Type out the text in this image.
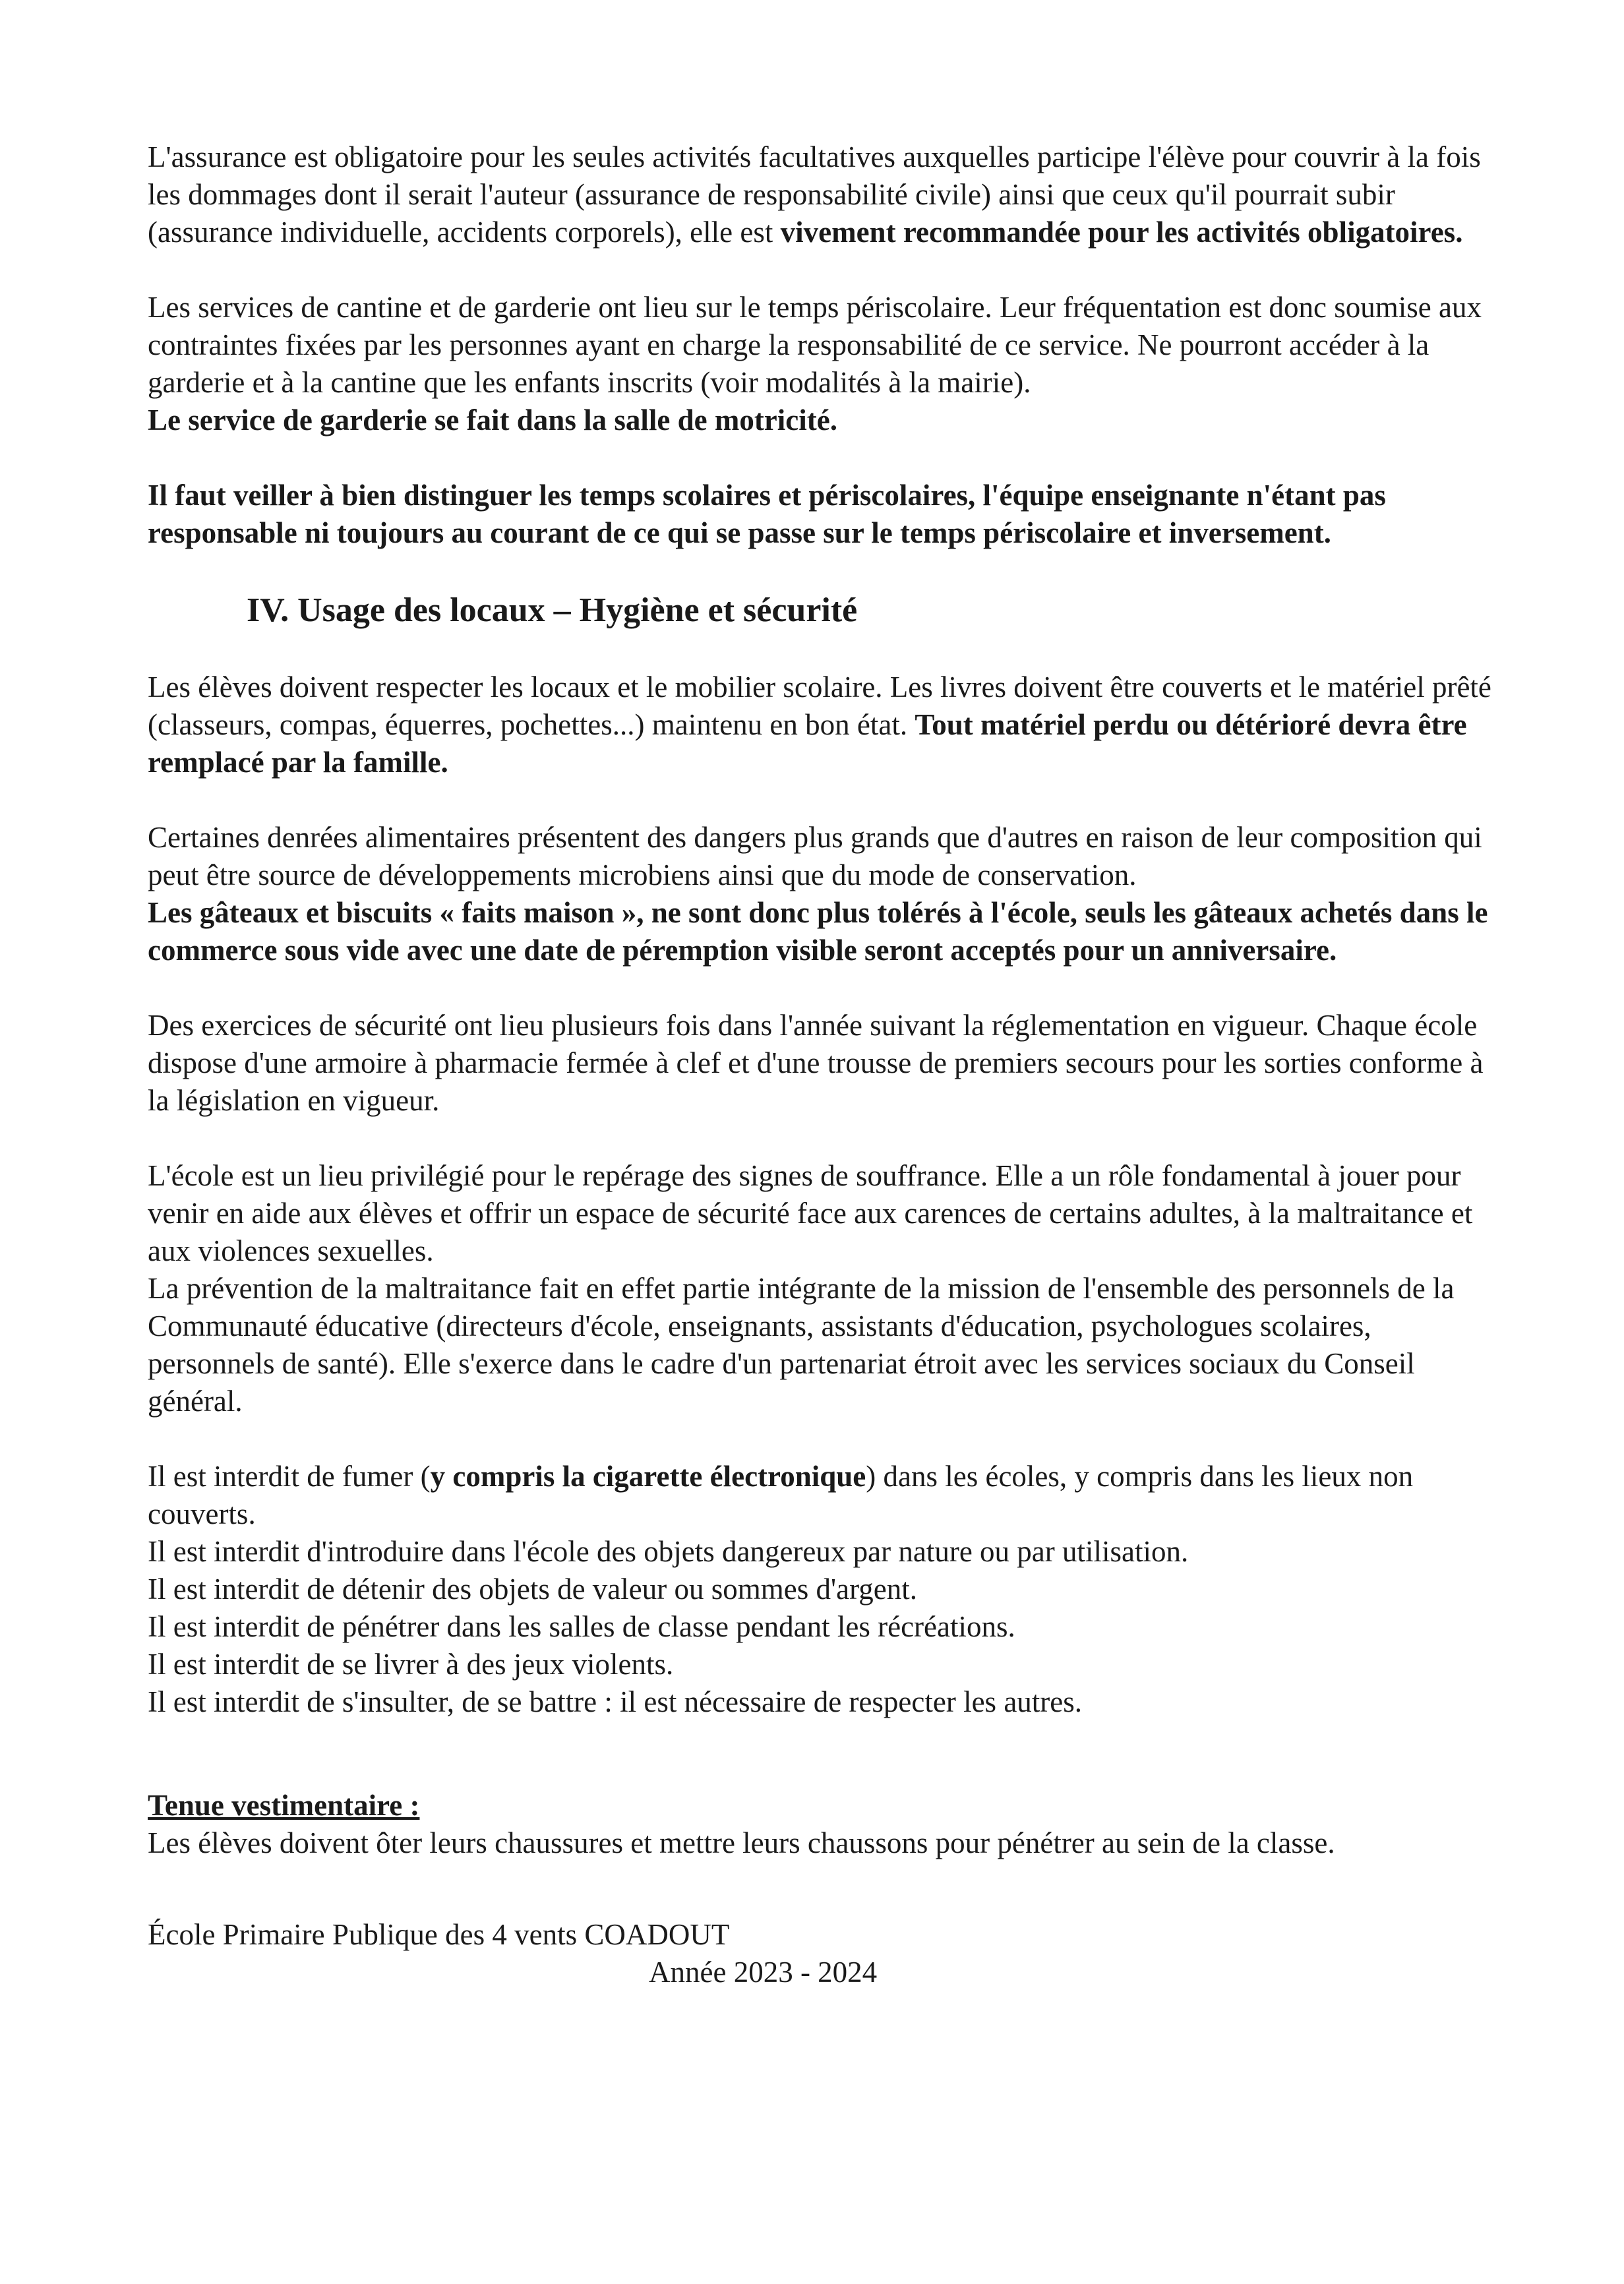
L'assurance est obligatoire pour les seules activités facultatives auxquelles participe l'élève pour couvrir à la fois les dommages dont il serait l'auteur (assurance de responsabilité civile) ainsi que ceux qu'il pourrait subir (assurance individuelle, accidents corporels), elle est vivement recommandée pour les activités obligatoires.

Les services de cantine et de garderie ont lieu sur le temps périscolaire. Leur fréquentation est donc soumise aux contraintes fixées par les personnes ayant en charge la responsabilité de ce service. Ne pourront accéder à la garderie et à la cantine que les enfants inscrits (voir modalités à la mairie).
Le service de garderie se fait dans la salle de motricité.

Il faut veiller à bien distinguer les temps scolaires et périscolaires, l'équipe enseignante n'étant pas responsable ni toujours au courant de ce qui se passe sur le temps périscolaire et inversement.

IV. Usage des locaux – Hygiène et sécurité

Les élèves doivent respecter les locaux et le mobilier scolaire. Les livres doivent être couverts et le matériel prêté (classeurs, compas, équerres, pochettes...) maintenu en bon état. Tout matériel perdu ou détérioré devra être remplacé par la famille.

Certaines denrées alimentaires présentent des dangers plus grands que d'autres en raison de leur composition qui peut être source de développements microbiens ainsi que du mode de conservation.
Les gâteaux et biscuits « faits maison », ne sont donc plus tolérés à l'école, seuls les gâteaux achetés dans le commerce sous vide avec une date de péremption visible seront acceptés pour un anniversaire.

Des exercices de sécurité ont lieu plusieurs fois dans l'année suivant la réglementation en vigueur. Chaque école dispose d'une armoire à pharmacie fermée à clef et d'une trousse de premiers secours pour les sorties conforme à la législation en vigueur.

L'école est un lieu privilégié pour le repérage des signes de souffrance. Elle a un rôle fondamental à jouer pour venir en aide aux élèves et offrir un espace de sécurité face aux carences de certains adultes, à la maltraitance et aux violences sexuelles.
La prévention de la maltraitance fait en effet partie intégrante de la mission de l'ensemble des personnels de la Communauté éducative (directeurs d'école, enseignants, assistants d'éducation, psychologues scolaires, personnels de santé). Elle s'exerce dans le cadre d'un partenariat étroit avec les services sociaux du Conseil général.

Il est interdit de fumer (y compris la cigarette électronique) dans les écoles, y compris dans les lieux non couverts.
Il est interdit d'introduire dans l'école des objets dangereux par nature ou par utilisation.
Il est interdit de détenir des objets de valeur ou sommes d'argent.
Il est interdit de pénétrer dans les salles de classe pendant les récréations.
Il est interdit de se livrer à des jeux violents.
Il est interdit de s'insulter, de se battre : il est nécessaire de respecter les autres.
Tenue vestimentaire :
Les élèves doivent ôter leurs chaussures et mettre leurs chaussons pour pénétrer au sein de la classe.
École Primaire Publique des 4 vents COADOUT
Année 2023 - 2024
